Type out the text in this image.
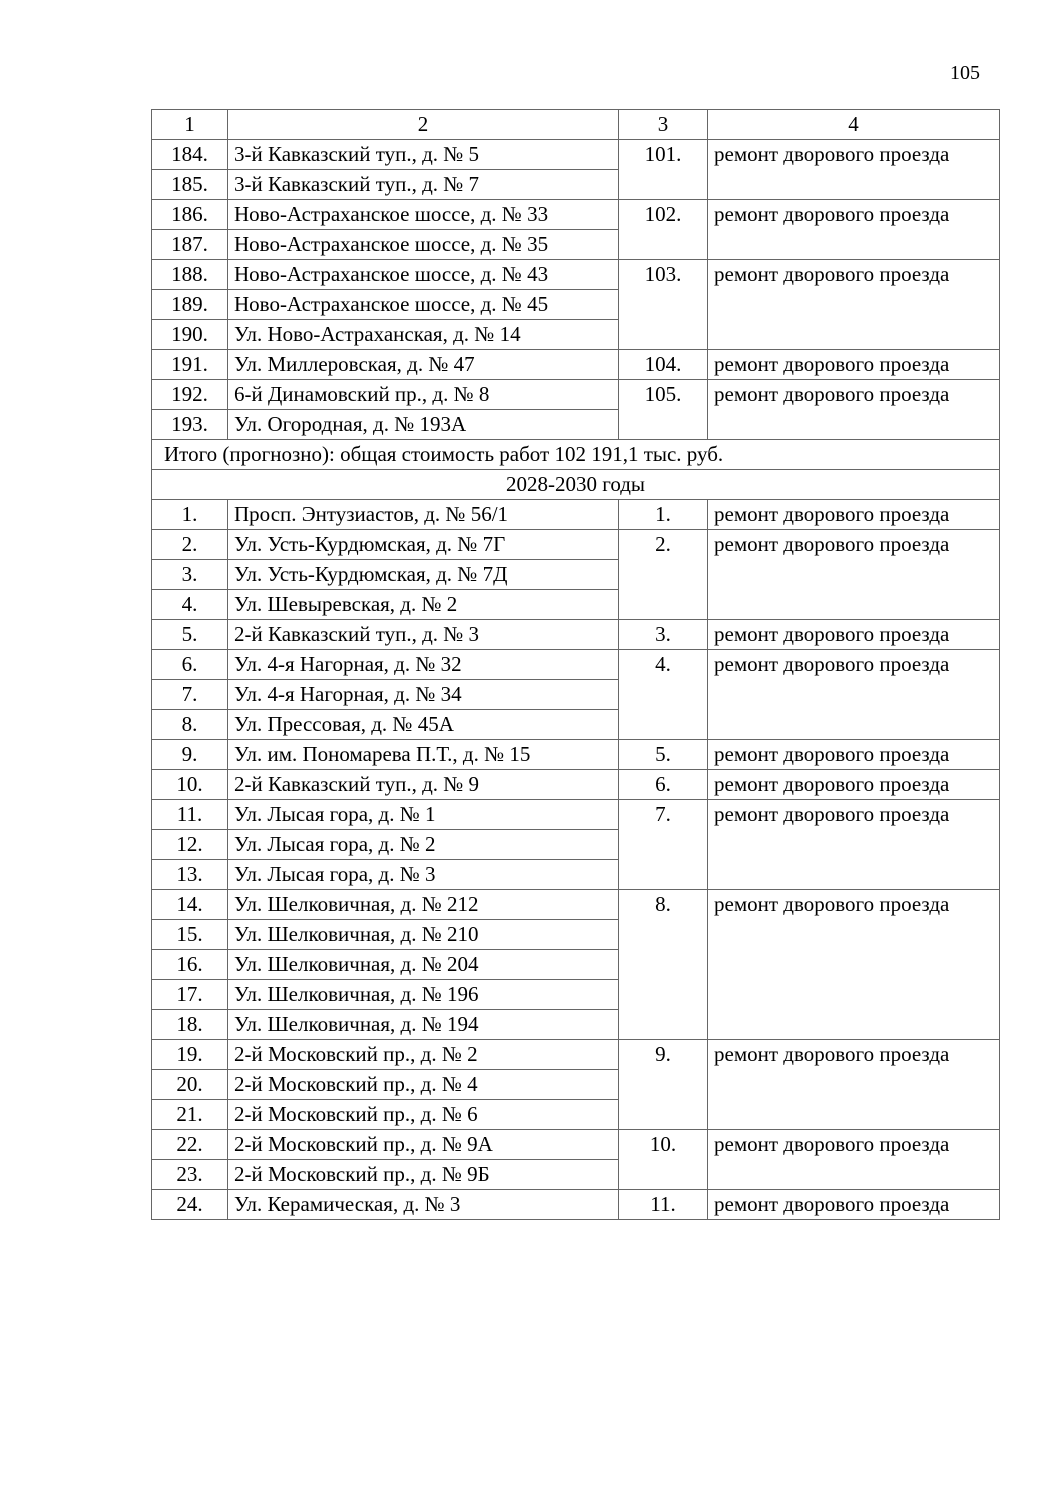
105
1	2	3	4
184.	3-й Кавказский туп., д. № 5	101.	ремонт дворового проезда
185.	3-й Кавказский туп., д. № 7		
186.	Ново-Астраханское шоссе, д. № 33	102.	ремонт дворового проезда
187.	Ново-Астраханское шоссе, д. № 35		
188.	Ново-Астраханское шоссе, д. № 43	103.	ремонт дворового проезда
189.	Ново-Астраханское шоссе, д. № 45		
190.	Ул. Ново-Астраханская, д. № 14		
191.	Ул. Миллеровская, д. № 47	104.	ремонт дворового проезда

192.	6-й Динамовский пр., д. № 8	105.	ремонт дворового проезда
193.	Ул. Огородная, д. № 193А		
Итого (прогнозно): общая стоимость работ 102 191,1 тыс. руб.			
2028-2030 годы			
1.	Просп. Энтузиастов, д. № 56/1	1.	ремонт дворового проезда

2.	Ул. Усть-Курдюмская, д. № 7Г	2.	ремонт дворового проезда
3.	Ул. Усть-Курдюмская, д. № 7Д		
4.	Ул. Шевыревская, д. № 2		
5.	2-й Кавказский туп., д. № 3	3.	ремонт дворового проезда

6.	Ул. 4-я Нагорная, д. № 32	4.	ремонт дворового проезда
7.	Ул. 4-я Нагорная, д. № 34		
8.	Ул. Прессовая, д. № 45А		
9.	Ул. им. Пономарева П.Т., д. № 15	5.	ремонт дворового проезда

10.	2-й Кавказский туп., д. № 9	6.	ремонт дворового проезда

11.	Ул. Лысая гора, д. № 1	7.	ремонт дворового проезда
12.	Ул. Лысая гора, д. № 2		
13.	Ул. Лысая гора, д. № 3		
14.	Ул. Шелковичная, д. № 212	8.	ремонт дворового проезда
15.	Ул. Шелковичная, д. № 210		
16.	Ул. Шелковичная, д. № 204		
17.	Ул. Шелковичная, д. № 196		
18.	Ул. Шелковичная, д. № 194		
19.	2-й Московский пр., д. № 2	9.	ремонт дворового проезда
20.	2-й Московский пр., д. № 4		
21.	2-й Московский пр., д. № 6		
22.	2-й Московский пр., д. № 9А	10.	ремонт дворового проезда
23.	2-й Московский пр., д. № 9Б		
24.	Ул. Керамическая, д. № 3	11.	ремонт дворового проезда
